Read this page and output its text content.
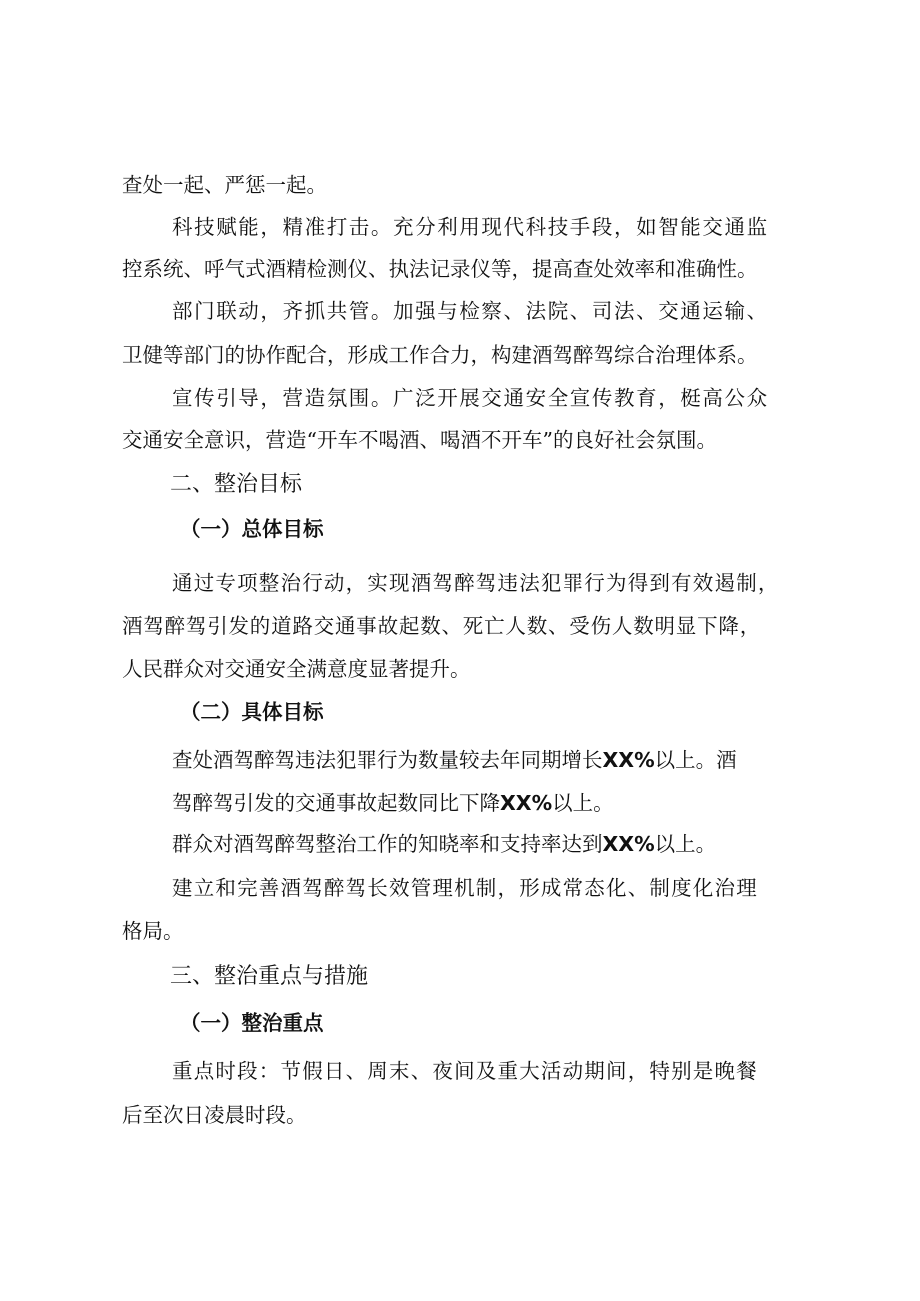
查处一起、严惩一起。
科技赋能，精准打击。充分利用现代科技手段，如智能交通监
控系统、呼气式酒精检测仪、执法记录仪等，提高查处效率和准确性。
部门联动，齐抓共管。加强与检察、法院、司法、交通运输、
卫健等部门的协作配合，形成工作合力，构建酒驾醉驾综合治理体系。
宣传引导，营造氛围。广泛开展交通安全宣传教育，梃高公众
交通安全意识，营造“开车不喝酒、喝酒不开车”的良好社会氛围。
二、整治目标
（一）总体目标
通过专项整治行动，实现酒驾醉驾违法犯罪行为得到有效遏制，
酒驾醉驾引发的道路交通事故起数、死亡人数、受伤人数明显下降，
人民群众对交通安全满意度显著提升。
（二）具体目标
查处酒驾醉驾违法犯罪行为数量较去年同期增长XX%以上。酒
驾醉驾引发的交通事故起数同比下降XX%以上。
群众对酒驾醉驾整治工作的知晓率和支持率达到XX%以上。
建立和完善酒驾醉驾长效管理机制，形成常态化、制度化治理
格局。
三、整治重点与措施
（一）整治重点
重点时段：节假日、周末、夜间及重大活动期间，特别是晚餐
后至次日凌晨时段。
